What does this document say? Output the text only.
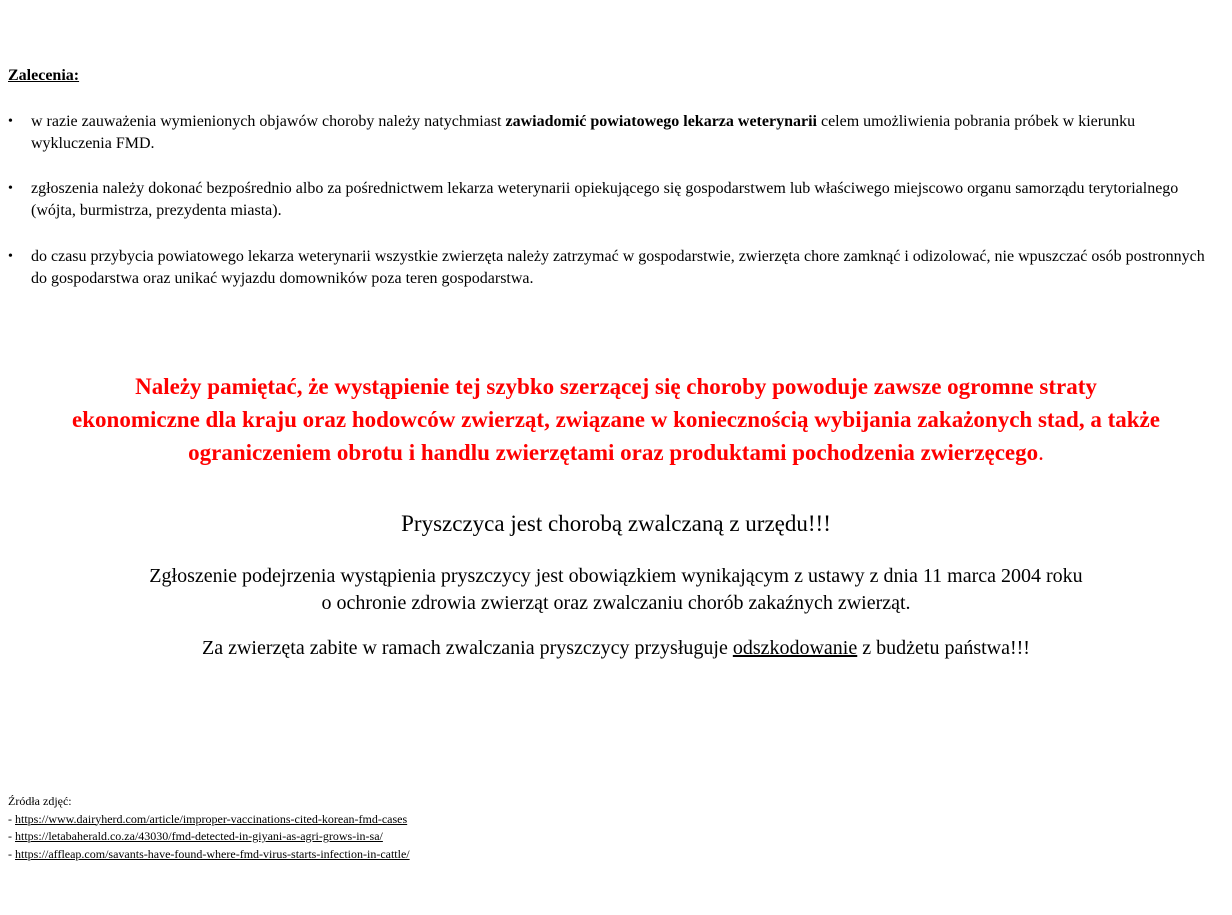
Zalecenia:

•	w razie zauważenia wymienionych objawów choroby należy natychmiast zawiadomić powiatowego lekarza weterynarii celem umożliwienia pobrania próbek w kierunku wykluczenia FMD.
•	zgłoszenia należy dokonać bezpośrednio albo za pośrednictwem lekarza weterynarii opiekującego się gospodarstwem lub właściwego miejscowo organu samorządu terytorialnego (wójta, burmistrza, prezydenta miasta).
•	do czasu przybycia powiatowego lekarza weterynarii wszystkie zwierzęta należy zatrzymać w gospodarstwie, zwierzęta chore zamknąć i odizolować, nie wpuszczać osób postronnych do gospodarstwa oraz unikać wyjazdu domowników poza teren gospodarstwa.

Należy pamiętać, że wystąpienie tej szybko szerzącej się choroby powoduje zawsze ogromne straty
ekonomiczne dla kraju oraz hodowców zwierząt, związane w koniecznością wybijania zakażonych stad, a także
ograniczeniem obrotu i handlu zwierzętami oraz produktami pochodzenia zwierzęcego.

Pryszczyca jest chorobą zwalczaną z urzędu!!!

Zgłoszenie podejrzenia wystąpienia pryszczycy jest obowiązkiem wynikającym z ustawy z dnia 11 marca 2004 roku
o ochronie zdrowia zwierząt oraz zwalczaniu chorób zakaźnych zwierząt.

Za zwierzęta zabite w ramach zwalczania pryszczycy przysługuje odszkodowanie z budżetu państwa!!!

Źródła zdjęć:
- https://www.dairyherd.com/article/improper-vaccinations-cited-korean-fmd-cases
- https://letabaherald.co.za/43030/fmd-detected-in-giyani-as-agri-grows-in-sa/
- https://affleap.com/savants-have-found-where-fmd-virus-starts-infection-in-cattle/
